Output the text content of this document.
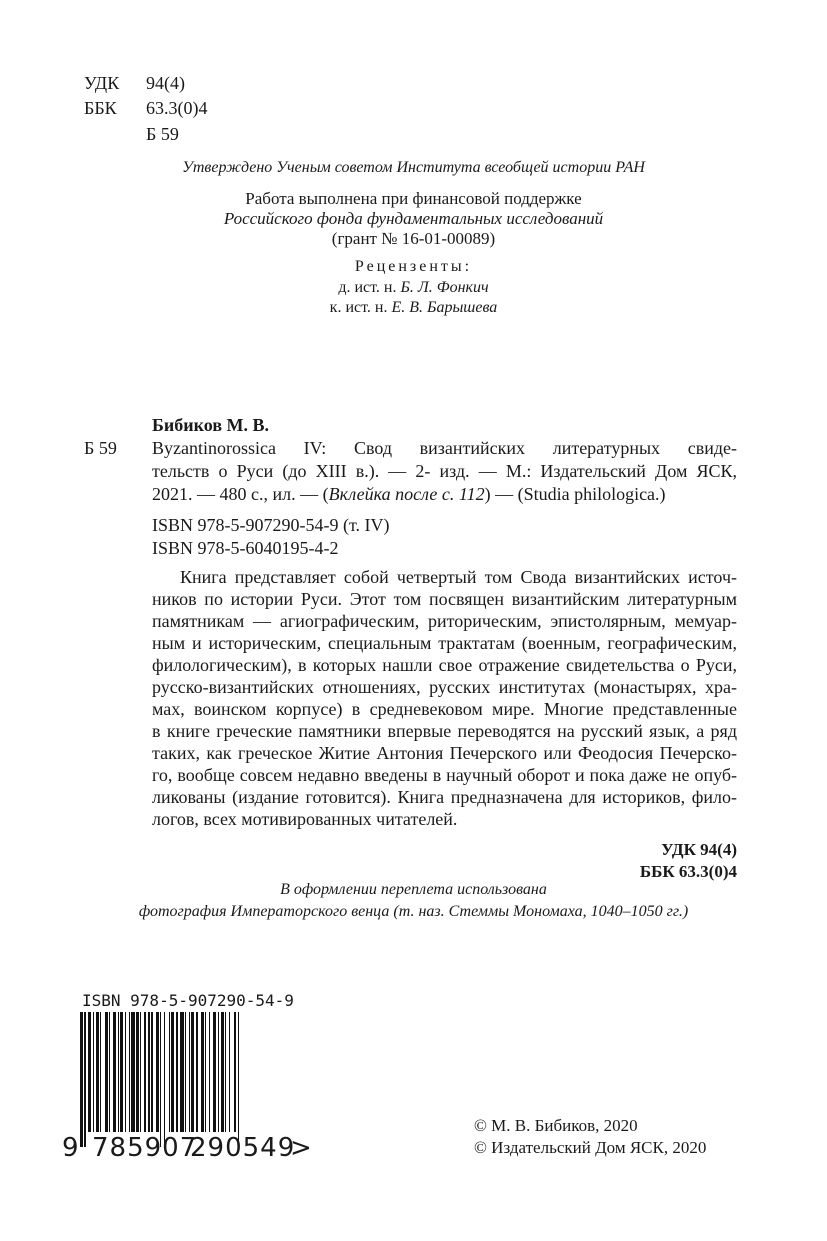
УДК 94(4)
ББК 63.3(0)4
Б 59
Утверждено Ученым советом Института всеобщей истории РАН
Работа выполнена при финансовой поддержке
Российского фонда фундаментальных исследований
(грант № 16-01-00089)
Рецензенты:
д. ист. н. Б. Л. Фонкич
к. ист. н. Е. В. Барышева
Бибиков М. В.
Б 59 Byzantinorossica IV: Свод византийских литературных свиде-
тельств о Руси (до XIII в.). — 2- изд. — М.: Издательский Дом ЯСК,
2021. — 480 с., ил. — (Вклейка после с. 112) — (Studia philologica.)
ISBN 978-5-907290-54-9 (т. IV)
ISBN 978-5-6040195-4-2
Книга представляет собой четвертый том Свода византийских источ-
ников по истории Руси. Этот том посвящен византийским литературным
памятникам — агиографическим, риторическим, эпистолярным, мемуар-
ным и историческим, специальным трактатам (военным, географическим,
филологическим), в которых нашли свое отражение свидетельства о Руси,
русско-византийских отношениях, русских институтах (монастырях, хра-
мах, воинском корпусе) в средневековом мире. Многие представленные
в книге греческие памятники впервые переводятся на русский язык, а ряд
таких, как греческое Житие Антония Печерского или Феодосия Печерско-
го, вообще совсем недавно введены в научный оборот и пока даже не опуб-
ликованы (издание готовится). Книга предназначена для историков, фило-
логов, всех мотивированных читателей.
УДК 94(4)
ББК 63.3(0)4
В оформлении переплета использована
фотография Императорского венца (т. наз. Стеммы Мономаха, 1040–1050 гг.)
ISBN 978-5-907290-54-9
9 785907
290549
>
© М. В. Бибиков, 2020
© Издательский Дом ЯСК, 2020
